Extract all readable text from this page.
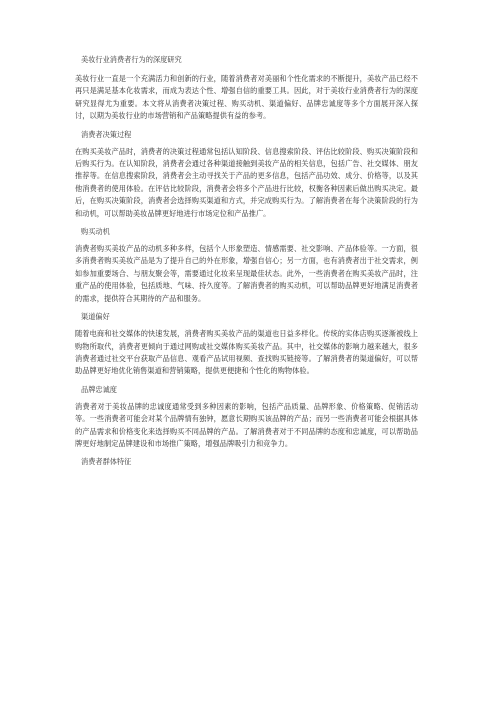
美妆行业消费者行为的深度研究

美妆行业一直是一个充满活力和创新的行业，随着消费者对美丽和个性化需求的不断提升，美妆产品已经不再只是满足基本化妆需求，而成为表达个性、增强自信的重要工具。因此，对于美妆行业消费者行为的深度研究显得尤为重要。本文将从消费者决策过程、购买动机、渠道偏好、品牌忠诚度等多个方面展开深入探讨，以期为美妆行业的市场营销和产品策略提供有益的参考。

消费者决策过程

在购买美妆产品时，消费者的决策过程通常包括认知阶段、信息搜索阶段、评估比较阶段、购买决策阶段和后购买行为。在认知阶段，消费者会通过各种渠道接触到美妆产品的相关信息，包括广告、社交媒体、朋友推荐等。在信息搜索阶段，消费者会主动寻找关于产品的更多信息，包括产品功效、成分、价格等，以及其他消费者的使用体验。在评估比较阶段，消费者会将多个产品进行比较，权衡各种因素后做出购买决定。最后，在购买决策阶段，消费者会选择购买渠道和方式，并完成购买行为。了解消费者在每个决策阶段的行为和动机，可以帮助美妆品牌更好地进行市场定位和产品推广。

购买动机

消费者购买美妆产品的动机多种多样，包括个人形象塑造、情感需要、社交影响、产品体验等。一方面，很多消费者购买美妆产品是为了提升自己的外在形象，增强自信心；另一方面，也有消费者出于社交需求，例如参加重要场合、与朋友聚会等，需要通过化妆来呈现最佳状态。此外，一些消费者在购买美妆产品时，注重产品的使用体验，包括质地、气味、持久度等。了解消费者的购买动机，可以帮助品牌更好地满足消费者的需求，提供符合其期待的产品和服务。

渠道偏好

随着电商和社交媒体的快速发展，消费者购买美妆产品的渠道也日益多样化。传统的实体店购买逐渐被线上购物所取代，消费者更倾向于通过网购或社交媒体购买美妆产品。其中，社交媒体的影响力越来越大，很多消费者通过社交平台获取产品信息、观看产品试用视频、查找购买链接等。了解消费者的渠道偏好，可以帮助品牌更好地优化销售渠道和营销策略，提供更便捷和个性化的购物体验。

品牌忠诚度

消费者对于美妆品牌的忠诚度通常受到多种因素的影响，包括产品质量、品牌形象、价格策略、促销活动等。一些消费者可能会对某个品牌情有独钟，愿意长期购买该品牌的产品；而另一些消费者可能会根据具体的产品需求和价格变化来选择购买不同品牌的产品。了解消费者对于不同品牌的态度和忠诚度，可以帮助品牌更好地制定品牌建设和市场推广策略，增强品牌吸引力和竞争力。

消费者群体特征
